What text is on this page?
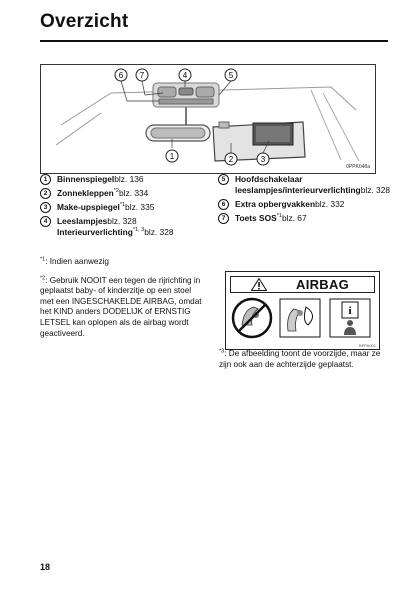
Overzicht
6 7	4	5
1	2	3
0PPK048a
1	Binnenspiegelblz. 136
2	Zonnekleppen$^{*2}$blz. 334
3	Make-upspiegel$^{*1}$blz. 335
4	Leeslampjesblz. 328
Interieurverlichting$^{*1, 3}$blz. 328
5	Hoofdschakelaar leeslampjes/interieurverlichtingblz. 328
6	Extra opbergvakkenblz. 332
7	Toets SOS$^{*1}$blz. 67

$^{*1}$: Indien aanwezig

$^{*2}$: Gebruik NOOIT een tegen de rijrichting in geplaatst baby- of kinderzitje op een stoel met een INGESCHAKELDE AIRBAG, omdat het KIND anders DODELIJK of ERNSTIG LETSEL kan oplopen als de airbag wordt geactiveerd.

AIRBAG
i
BPPA001
$^{*3}$: De afbeelding toont de voorzijde, maar ze zijn ook aan de achterzijde geplaatst.
18
